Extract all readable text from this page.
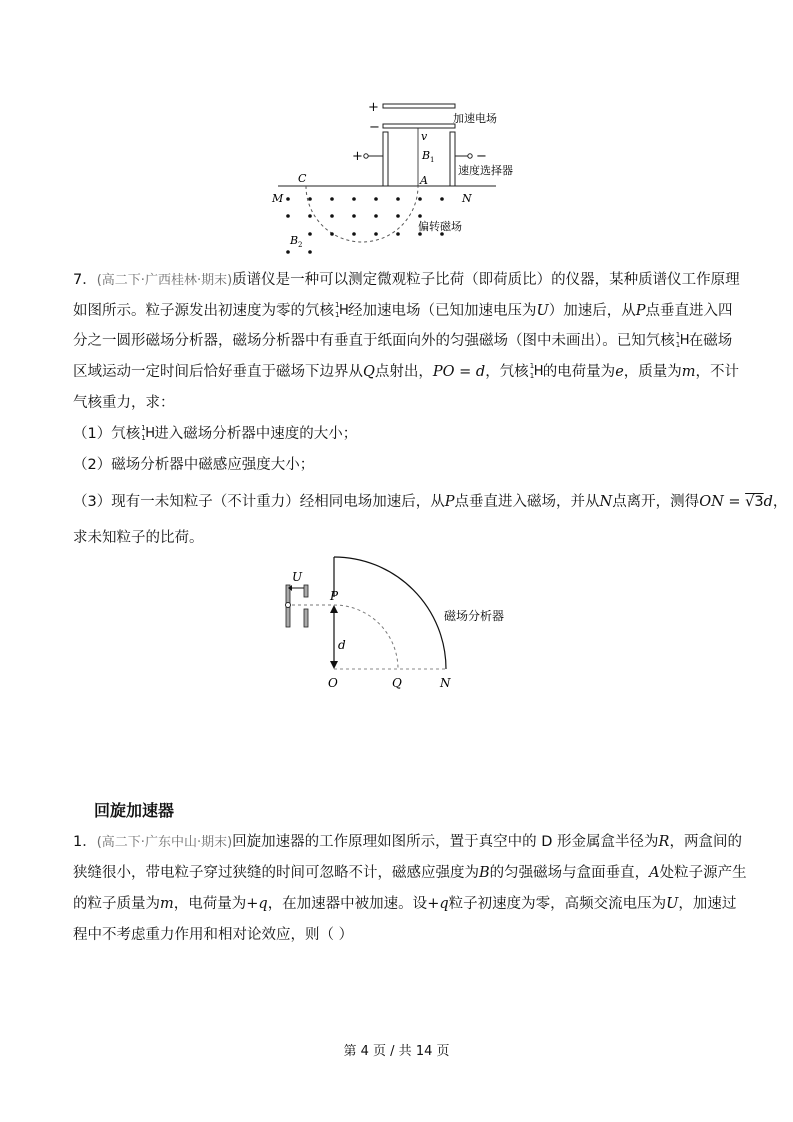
+
−
加速电场
v
B 1
+	−
速度选择器
C	A
M	N
偏转磁场
B 2
7．(高二下·广西桂林·期末)质谱仪是一种可以测定微观粒子比荷（即荷质比）的仪器，某种质谱仪工作原理
如图所示。粒子源发出初速度为零的氕核 1
1 H 经加速电场（已知加速电压为U）加速后，从P点垂直进入四
分之一圆形磁场分析器，磁场分析器中有垂直于纸面向外的匀强磁场（图中未画出）。已知氕核 1
1 H 在磁场
区域运动一定时间后恰好垂直于磁场下边界从Q点射出，PO = d，氕核 1
1 H 的电荷量为e，质量为m，不计
气核重力，求：
（1）氕核 1
1 H 进入磁场分析器中速度的大小；
（2）磁场分析器中磁感应强度大小；
（3）现有一未知粒子（不计重力）经相同电场加速后，从P点垂直进入磁场，并从N点离开，测得ON = √3d，
求未知粒子的比荷。
U
P
d
O	Q	N
磁场分析器
回旋加速器
1．(高二下·广东中山·期末)回旋加速器的工作原理如图所示，置于真空中的 D 形金属盒半径为R，两盒间的
狭缝很小，带电粒子穿过狭缝的时间可忽略不计，磁感应强度为B的匀强磁场与盒面垂直，A处粒子源产生
的粒子质量为m，电荷量为+q，在加速器中被加速。设+q粒子初速度为零，高频交流电压为U，加速过
程中不考虑重力作用和相对论效应，则（ ）
第 4 页 / 共 14 页
